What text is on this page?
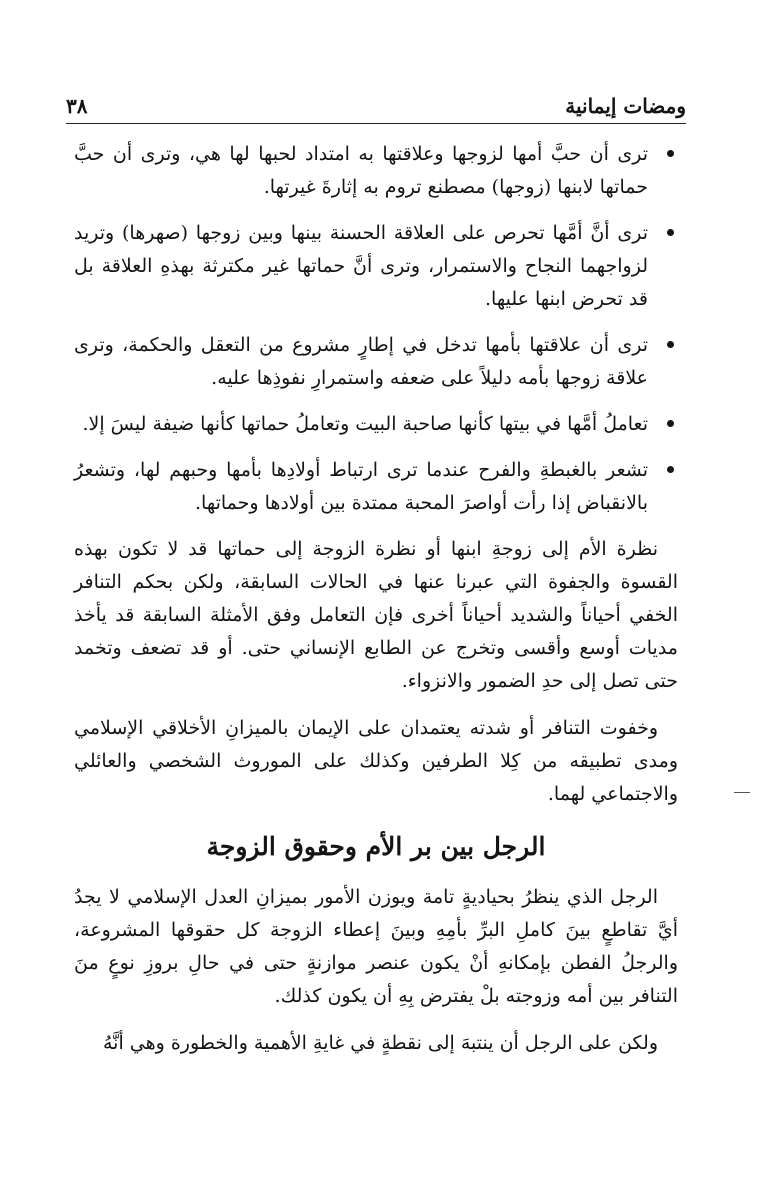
٣٨	ومضات إيمانية
ترى أن حبَّ أمها لزوجها وعلاقتها به امتداد لحبها لها هي، وترى أن حبَّ حماتها لابنها (زوجها) مصطنع تروم به إثارةَ غيرتها.
ترى أنَّ أمَّها تحرص على العلاقة الحسنة بينها وبين زوجها (صهرها) وتريد لزواجهما النجاح والاستمرار، وترى أنَّ حماتها غير مكترثة بهذهِ العلاقة بل قد تحرض ابنها عليها.
ترى أن علاقتها بأمها تدخل في إطارٍ مشروع من التعقل والحكمة، وترى علاقة زوجها بأمه دليلاً على ضعفه واستمرارِ نفوذِها عليه.
تعاملُ أمَّها في بيتها كأنها صاحبة البيت وتعاملُ حماتها كأنها ضيفة ليسَ إلا.
تشعر بالغبطةِ والفرح عندما ترى ارتباط أولادِها بأمها وحبهم لها، وتشعرُ بالانقباض إذا رأت أواصرَ المحبة ممتدة بين أولادها وحماتها.

نظرة الأم إلى زوجةِ ابنها أو نظرة الزوجة إلى حماتها قد لا تكون بهذه القسوة والجفوة التي عبرنا عنها في الحالات السابقة، ولكن بحكم التنافر الخفي أحياناً والشديد أحياناً أخرى فإن التعامل وفق الأمثلة السابقة قد يأخذ مديات أوسع وأقسى وتخرج عن الطابع الإنساني حتى. أو قد تضعف وتخمد حتى تصل إلى حدِ الضمور والانزواء.

وخفوت التنافر أو شدته يعتمدان على الإيمان بالميزانِ الأخلاقي الإسلامي ومدى تطبيقه من كِلا الطرفين وكذلك على الموروث الشخصي والعائلي والاجتماعي لهما.

الرجل بين بر الأم وحقوق الزوجة

الرجل الذي ينظرُ بحياديةٍ تامة ويوزن الأمور بميزانِ العدل الإسلامي لا يجدُ أيَّ تقاطعٍ بينَ كاملِ البرِّ بأمِهِ وبينَ إعطاء الزوجة كل حقوقها المشروعة، والرجلُ الفطن بإمكانهِ أنْ يكون عنصر موازنةٍ حتى في حالِ بروزِ نوعٍ منَ التنافر بين أمه وزوجته بلْ يفترض بِهِ أن يكون كذلك.

ولكن على الرجل أن ينتبهَ إلى نقطةٍ في غايةِ الأهمية والخطورة وهي أنَّهُ
